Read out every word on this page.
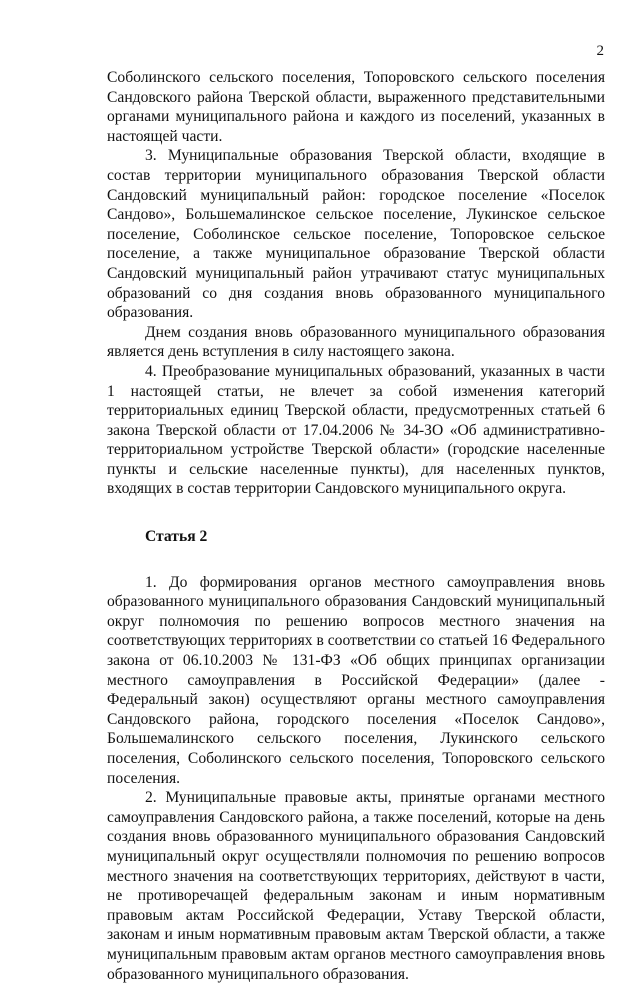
2

Соболинского сельского поселения, Топоровского сельского поселения Сандовского района Тверской области, выраженного представительными органами муниципального района и каждого из поселений, указанных в настоящей части.

3. Муниципальные образования Тверской области, входящие в состав территории муниципального образования Тверской области Сандовский муниципальный район: городское поселение «Поселок Сандово», Большемалинское сельское поселение, Лукинское сельское поселение, Соболинское сельское поселение, Топоровское сельское поселение, а также муниципальное образование Тверской области Сандовский муниципальный район утрачивают статус муниципальных образований со дня создания вновь образованного муниципального образования.

Днем создания вновь образованного муниципального образования является день вступления в силу настоящего закона.

4. Преобразование муниципальных образований, указанных в части 1 настоящей статьи, не влечет за собой изменения категорий территориальных единиц Тверской области, предусмотренных статьей 6 закона Тверской области от 17.04.2006 № 34-ЗО «Об административно-территориальном устройстве Тверской области» (городские населенные пункты и сельские населенные пункты), для населенных пунктов, входящих в состав территории Сандовского муниципального округа.

Статья 2

1. До формирования органов местного самоуправления вновь образованного муниципального образования Сандовский муниципальный округ полномочия по решению вопросов местного значения на соответствующих территориях в соответствии со статьей 16 Федерального закона от 06.10.2003 № 131-ФЗ «Об общих принципах организации местного самоуправления в Российской Федерации» (далее - Федеральный закон) осуществляют органы местного самоуправления Сандовского района, городского поселения «Поселок Сандово», Большемалинского сельского поселения, Лукинского сельского поселения, Соболинского сельского поселения, Топоровского сельского поселения.

2. Муниципальные правовые акты, принятые органами местного самоуправления Сандовского района, а также поселений, которые на день создания вновь образованного муниципального образования Сандовский муниципальный округ осуществляли полномочия по решению вопросов местного значения на соответствующих территориях, действуют в части, не противоречащей федеральным законам и иным нормативным правовым актам Российской Федерации, Уставу Тверской области, законам и иным нормативным правовым актам Тверской области, а также муниципальным правовым актам органов местного самоуправления вновь образованного муниципального образования.
